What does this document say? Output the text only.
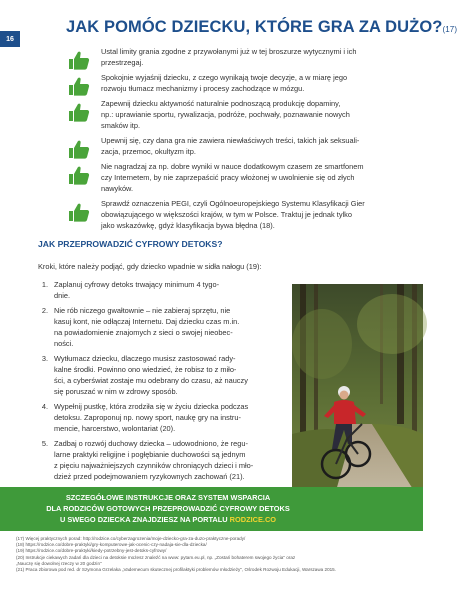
16
JAK POMÓC DZIECKU, KTÓRE GRA ZA DUŻO?(17)
Ustal limity grania zgodne z przywołanymi już w tej broszurze wytycznymi i ich
przestrzegaj.
Spokojnie wyjaśnij dziecku, z czego wynikają twoje decyzje, a w miarę jego
rozwoju tłumacz mechanizmy i procesy zachodzące w mózgu.
Zapewnij dziecku aktywność naturalnie podnoszącą produkcję dopaminy,
np.: uprawianie sportu, rywalizacja, podróże, pochwały, poznawanie nowych
smaków itp.
Upewnij się, czy dana gra nie zawiera niewłaściwych treści, takich jak seksuali-
zacja, przemoc, okultyzm itp.
Nie nagradzaj za np. dobre wyniki w nauce dodatkowym czasem ze smartfonem
czy Internetem, by nie zaprzepaścić pracy włożonej w uwolnienie się od złych
nawyków.
Sprawdź oznaczenia PEGI, czyli Ogólnoeuropejskiego Systemu Klasyfikacji Gier
obowiązującego w większości krajów, w tym w Polsce. Traktuj je jednak tylko
jako wskazówkę, gdyż klasyfikacja bywa błędna (18).
JAK PRZEPROWADZIĆ CYFROWY DETOKS?
Kroki, które należy podjąć, gdy dziecko wpadnie w sidła nałogu (19):
1. Zaplanuj cyfrowy detoks trwający minimum 4 tygo-
dnie.
2. Nie rób niczego gwałtownie – nie zabieraj sprzętu, nie
kasuj kont, nie odłączaj Internetu. Daj dziecku czas m.in.
na powiadomienie znajomych z sieci o swojej nieobec-
ności.
3. Wytłumacz dziecku, dlaczego musisz zastosować rady-
kalne środki. Powinno ono wiedzieć, że robisz to z miło-
ści, a cyberświat zostaje mu odebrany do czasu, aż nauczy
się poruszać w nim w zdrowy sposób.
4. Wypełnij pustkę, która zrodziła się w życiu dziecka podczas
detoksu. Zaproponuj np. nowy sport, naukę gry na instru-
mencie, harcerstwo, wolontariat (20).
5. Zadbaj o rozwój duchowy dziecka – udowodniono, że regu-
larne praktyki religijne i pogłębianie duchowości są jednym
z pięciu najważniejszych czynników chroniących dzieci i mło-
dzież przed podejmowaniem ryzykownych zachowań (21).
SZCZEGÓŁOWE INSTRUKCJE ORAZ SYSTEM WSPARCIA
DLA RODZICÓW GOTOWYCH PRZEPROWADZIĆ CYFROWY DETOKS
U SWEGO DZIECKA ZNAJDZIESZ NA PORTALU RODZICE.CO
(17) Więcej praktycznych porad: http://rodzice.co/cyberzagrozenia/moje-dziecko-gra-za-duzo-praktyczne-porady/
(18) https://rodzice.co/dobre-praktyki/gry-komputerowe-jak-ocenic-czy-nadaja-sie-dla-dziecka/
(19) https://rodzice.co/dobre-praktyki/kiedy-potrzebny-jest-detoks-cyfrowy/
(20) Instrukcje ciekawych zadań dla dzieci na detoksie możesz znaleźć na www: pytam.eu.pl, np. „Zostań bohaterem swojego życia" oraz
„Nauczę się dowolnej rzeczy w 20 godzin"
(21) Praca zbiorowa pod red. dr Szymona Grzelaka „Vademecum skutecznej profilaktyki problemów młodzieży", Ośrodek Rozwoju Edukacji, Warszawa 2015.
